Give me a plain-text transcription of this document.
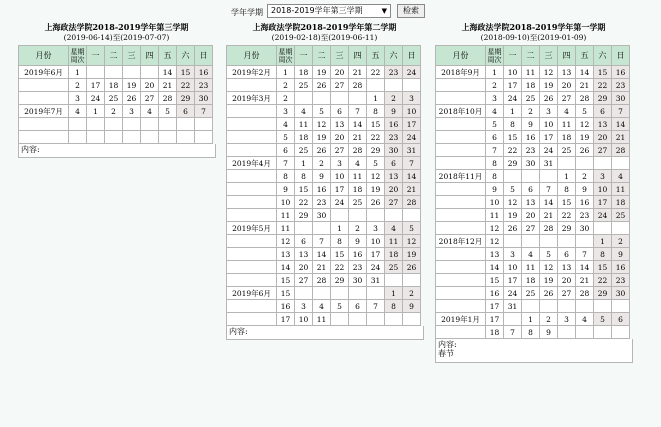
学年学期	2018-2019学年第三学期	▼	检索
上海政法学院2018-2019学年第三学期
(2019-06-14)至(2019-07-07)
月份	星期
周次	一	二	三	四	五	六	日
2019年6月	1					14	15	16
	2	17	18	19	20	21	22	23
	3	24	25	26	27	28	29	30
2019年7月	4	1	2	3	4	5	6	7

内容:
上海政法学院2018-2019学年第二学期
(2019-02-18)至(2019-06-11)
月份	星期
周次	一	二	三	四	五	六	日
2019年2月	1	18	19	20	21	22	23	24
	2	25	26	27	28			
2019年3月	2					1	2	3
	3	4	5	6	7	8	9	10
	4	11	12	13	14	15	16	17
	5	18	19	20	21	22	23	24
	6	25	26	27	28	29	30	31
2019年4月	7	1	2	3	4	5	6	7
	8	8	9	10	11	12	13	14
	9	15	16	17	18	19	20	21
	10	22	23	24	25	26	27	28
	11	29	30					
2019年5月	11			1	2	3	4	5
	12	6	7	8	9	10	11	12
	13	13	14	15	16	17	18	19
	14	20	21	22	23	24	25	26
	15	27	28	29	30	31		
2019年6月	15						1	2
	16	3	4	5	6	7	8	9
	17	10	11					
内容:
上海政法学院2018-2019学年第一学期
(2018-09-10)至(2019-01-09)
月份	星期
周次	一	二	三	四	五	六	日
2018年9月	1	10	11	12	13	14	15	16
	2	17	18	19	20	21	22	23
	3	24	25	26	27	28	29	30
2018年10月	4	1	2	3	4	5	6	7
	5	8	9	10	11	12	13	14
	6	15	16	17	18	19	20	21
	7	22	23	24	25	26	27	28
	8	29	30	31				
2018年11月	8				1	2	3	4
	9	5	6	7	8	9	10	11
	10	12	13	14	15	16	17	18
	11	19	20	21	22	23	24	25
	12	26	27	28	29	30		
2018年12月	12						1	2
	13	3	4	5	6	7	8	9
	14	10	11	12	13	14	15	16
	15	17	18	19	20	21	22	23
	16	24	25	26	27	28	29	30
	17	31						
2019年1月	17		1	2	3	4	5	6
	18	7	8	9				
内容:
春节
